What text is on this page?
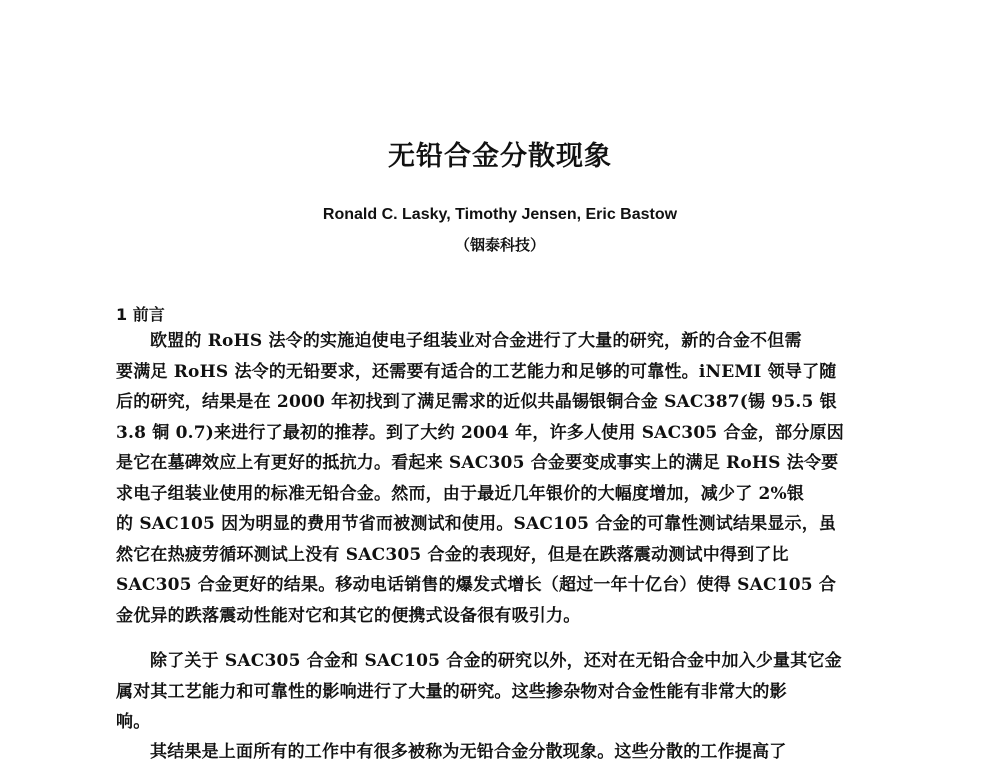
无铅合金分散现象
Ronald C. Lasky, Timothy Jensen, Eric Bastow
（铟泰科技）
1 前言
欧盟的 RoHS 法令的实施迫使电子组装业对合金进行了大量的研究，新的合金不但需
要满足 RoHS 法令的无铅要求，还需要有适合的工艺能力和足够的可靠性。iNEMI 领导了随
后的研究，结果是在 2000 年初找到了满足需求的近似共晶锡银铜合金 SAC387(锡 95.5 银
3.8 铜 0.7)来进行了最初的推荐。到了大约 2004 年，许多人使用 SAC305 合金，部分原因
是它在墓碑效应上有更好的抵抗力。看起来 SAC305 合金要变成事实上的满足 RoHS 法令要
求电子组装业使用的标准无铅合金。然而，由于最近几年银价的大幅度增加，减少了 2%银
的 SAC105 因为明显的费用节省而被测试和使用。SAC105 合金的可靠性测试结果显示，虽
然它在热疲劳循环测试上没有 SAC305 合金的表现好，但是在跌落震动测试中得到了比
SAC305 合金更好的结果。移动电话销售的爆发式增长（超过一年十亿台）使得 SAC105 合
金优异的跌落震动性能对它和其它的便携式设备很有吸引力。
除了关于 SAC305 合金和 SAC105 合金的研究以外，还对在无铅合金中加入少量其它金
属对其工艺能力和可靠性的影响进行了大量的研究。这些掺杂物对合金性能有非常大的影
响。
其结果是上面所有的工作中有很多被称为无铅合金分散现象。这些分散的工作提高了
